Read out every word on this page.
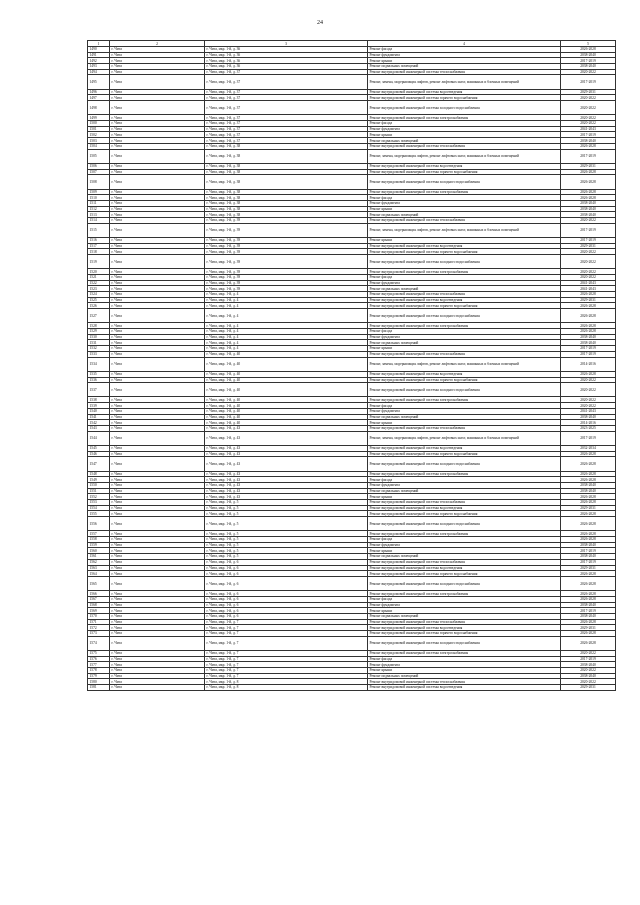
24
1	2	3	4	5
1490	г. Чита	г. Чита, мкр. 1-й, д. 36	Ремонт фасада	2026-2028
1491	г. Чита	г. Чита, мкр. 1-й, д. 36	Ремонт фундамента	2038-2040
1492	г. Чита	г. Чита, мкр. 1-й, д. 36	Ремонт крыши	2017-2019
1493	г. Чита	г. Чита, мкр. 1-й, д. 36	Ремонт подвальных помещений	2038-2040
1494	г. Чита	г. Чита, мкр. 1-й, д. 37	Ремонт внутридомовой инженерной системы теплоснабжения	2020-2022
1495	г. Чита	г. Чита, мкр. 1-й, д. 37	Ремонт, замена, модернизация лифтов, ремонт лифтовых шахт, машинных и блочных помещений	2017-2019
1496	г. Чита	г. Чита, мкр. 1-й, д. 37	Ремонт внутридомовой инженерной системы водоотведения	2029-2031
1497	г. Чита	г. Чита, мкр. 1-й, д. 37	Ремонт внутридомовой инженерной системы горячего водоснабжения	2020-2022
1498	г. Чита	г. Чита, мкр. 1-й, д. 37	Ремонт внутридомовой инженерной системы холодного водоснабжения	2020-2022
1499	г. Чита	г. Чита, мкр. 1-й, д. 37	Ремонт внутридомовой инженерной системы электроснабжения	2020-2022
1500	г. Чита	г. Чита, мкр. 1-й, д. 37	Ремонт фасада	2020-2022
1501	г. Чита	г. Чита, мкр. 1-й, д. 37	Ремонт фундамента	2041-2043
1502	г. Чита	г. Чита, мкр. 1-й, д. 37	Ремонт крыши	2017-2019
1503	г. Чита	г. Чита, мкр. 1-й, д. 37	Ремонт подвальных помещений	2038-2040
1504	г. Чита	г. Чита, мкр. 1-й, д. 38	Ремонт внутридомовой инженерной системы теплоснабжения	2026-2028
1505	г. Чита	г. Чита, мкр. 1-й, д. 38	Ремонт, замена, модернизация лифтов, ремонт лифтовых шахт, машинных и блочных помещений	2017-2019
1506	г. Чита	г. Чита, мкр. 1-й, д. 38	Ремонт внутридомовой инженерной системы водоотведения	2029-2031
1507	г. Чита	г. Чита, мкр. 1-й, д. 38	Ремонт внутридомовой инженерной системы горячего водоснабжения	2026-2028
1508	г. Чита	г. Чита, мкр. 1-й, д. 38	Ремонт внутридомовой инженерной системы холодного водоснабжения	2026-2028
1509	г. Чита	г. Чита, мкр. 1-й, д. 38	Ремонт внутридомовой инженерной системы электроснабжения	2026-2028
1510	г. Чита	г. Чита, мкр. 1-й, д. 38	Ремонт фасада	2026-2028
1511	г. Чита	г. Чита, мкр. 1-й, д. 38	Ремонт фундамента	2038-2040
1512	г. Чита	г. Чита, мкр. 1-й, д. 38	Ремонт крыши	2038-2040
1513	г. Чита	г. Чита, мкр. 1-й, д. 38	Ремонт подвальных помещений	2038-2040
1514	г. Чита	г. Чита, мкр. 1-й, д. 39	Ремонт внутридомовой инженерной системы теплоснабжения	2020-2022
1515	г. Чита	г. Чита, мкр. 1-й, д. 39	Ремонт, замена, модернизация лифтов, ремонт лифтовых шахт, машинных и блочных помещений	2017-2019
1516	г. Чита	г. Чита, мкр. 1-й, д. 39	Ремонт крыши	2017-2019
1517	г. Чита	г. Чита, мкр. 1-й, д. 39	Ремонт внутридомовой инженерной системы водоотведения	2029-2031
1518	г. Чита	г. Чита, мкр. 1-й, д. 39	Ремонт внутридомовой инженерной системы горячего водоснабжения	2020-2022
1519	г. Чита	г. Чита, мкр. 1-й, д. 39	Ремонт внутридомовой инженерной системы холодного водоснабжения	2020-2022
1520	г. Чита	г. Чита, мкр. 1-й, д. 39	Ремонт внутридомовой инженерной системы электроснабжения	2020-2022
1521	г. Чита	г. Чита, мкр. 1-й, д. 39	Ремонт фасада	2020-2022
1522	г. Чита	г. Чита, мкр. 1-й, д. 39	Ремонт фундамента	2041-2043
1523	г. Чита	г. Чита, мкр. 1-й, д. 39	Ремонт подвальных помещений	2041-2043
1524	г. Чита	г. Чита, мкр. 1-й, д. 4	Ремонт внутридомовой инженерной системы теплоснабжения	2026-2028
1525	г. Чита	г. Чита, мкр. 1-й, д. 4	Ремонт внутридомовой инженерной системы водоотведения	2029-2031
1526	г. Чита	г. Чита, мкр. 1-й, д. 4	Ремонт внутридомовой инженерной системы горячего водоснабжения	2026-2028
1527	г. Чита	г. Чита, мкр. 1-й, д. 4	Ремонт внутридомовой инженерной системы холодного водоснабжения	2026-2028
1528	г. Чита	г. Чита, мкр. 1-й, д. 4	Ремонт внутридомовой инженерной системы электроснабжения	2026-2028
1529	г. Чита	г. Чита, мкр. 1-й, д. 4	Ремонт фасада	2026-2028
1530	г. Чита	г. Чита, мкр. 1-й, д. 4	Ремонт фундамента	2038-2040
1531	г. Чита	г. Чита, мкр. 1-й, д. 4	Ремонт подвальных помещений	2038-2040
1532	г. Чита	г. Чита, мкр. 1-й, д. 4	Ремонт крыши	2017-2019
1533	г. Чита	г. Чита, мкр. 1-й, д. 40	Ремонт внутридомовой инженерной системы теплоснабжения	2017-2019
1534	г. Чита	г. Чита, мкр. 1-й, д. 40	Ремонт, замена, модернизация лифтов, ремонт лифтовых шахт, машинных и блочных помещений	2014-2016
1535	г. Чита	г. Чита, мкр. 1-й, д. 40	Ремонт внутридомовой инженерной системы водоотведения	2026-2028
1536	г. Чита	г. Чита, мкр. 1-й, д. 40	Ремонт внутридомовой инженерной системы горячего водоснабжения	2020-2022
1537	г. Чита	г. Чита, мкр. 1-й, д. 40	Ремонт внутридомовой инженерной системы холодного водоснабжения	2020-2022
1538	г. Чита	г. Чита, мкр. 1-й, д. 40	Ремонт внутридомовой инженерной системы электроснабжения	2020-2022
1539	г. Чита	г. Чита, мкр. 1-й, д. 40	Ремонт фасада	2020-2022
1540	г. Чита	г. Чита, мкр. 1-й, д. 40	Ремонт фундамента	2041-2043
1541	г. Чита	г. Чита, мкр. 1-й, д. 40	Ремонт подвальных помещений	2038-2040
1542	г. Чита	г. Чита, мкр. 1-й, д. 40	Ремонт крыши	2014-2016
1543	г. Чита	г. Чита, мкр. 1-й, д. 43	Ремонт внутридомовой инженерной системы теплоснабжения	2023-2025
1544	г. Чита	г. Чита, мкр. 1-й, д. 43	Ремонт, замена, модернизация лифтов, ремонт лифтовых шахт, машинных и блочных помещений	2017-2019
1545	г. Чита	г. Чита, мкр. 1-й, д. 43	Ремонт внутридомовой инженерной системы водоотведения	2032-2034
1546	г. Чита	г. Чита, мкр. 1-й, д. 43	Ремонт внутридомовой инженерной системы горячего водоснабжения	2026-2028
1547	г. Чита	г. Чита, мкр. 1-й, д. 43	Ремонт внутридомовой инженерной системы холодного водоснабжения	2026-2028
1548	г. Чита	г. Чита, мкр. 1-й, д. 43	Ремонт внутридомовой инженерной системы электроснабжения	2026-2028
1549	г. Чита	г. Чита, мкр. 1-й, д. 43	Ремонт фасада	2026-2028
1550	г. Чита	г. Чита, мкр. 1-й, д. 43	Ремонт фундамента	2038-2040
1551	г. Чита	г. Чита, мкр. 1-й, д. 43	Ремонт подвальных помещений	2038-2040
1552	г. Чита	г. Чита, мкр. 1-й, д. 43	Ремонт крыши	2026-2028
1553	г. Чита	г. Чита, мкр. 1-й, д. 5	Ремонт внутридомовой инженерной системы теплоснабжения	2026-2028
1554	г. Чита	г. Чита, мкр. 1-й, д. 5	Ремонт внутридомовой инженерной системы водоотведения	2029-2031
1555	г. Чита	г. Чита, мкр. 1-й, д. 5	Ремонт внутридомовой инженерной системы горячего водоснабжения	2026-2028
1556	г. Чита	г. Чита, мкр. 1-й, д. 5	Ремонт внутридомовой инженерной системы холодного водоснабжения	2026-2028
1557	г. Чита	г. Чита, мкр. 1-й, д. 5	Ремонт внутридомовой инженерной системы электроснабжения	2026-2028
1558	г. Чита	г. Чита, мкр. 1-й, д. 5	Ремонт фасада	2026-2028
1559	г. Чита	г. Чита, мкр. 1-й, д. 5	Ремонт фундамента	2038-2040
1560	г. Чита	г. Чита, мкр. 1-й, д. 5	Ремонт крыши	2017-2019
1561	г. Чита	г. Чита, мкр. 1-й, д. 5	Ремонт подвальных помещений	2038-2040
1562	г. Чита	г. Чита, мкр. 1-й, д. 6	Ремонт внутридомовой инженерной системы теплоснабжения	2017-2019
1563	г. Чита	г. Чита, мкр. 1-й, д. 6	Ремонт внутридомовой инженерной системы водоотведения	2029-2031
1564	г. Чита	г. Чита, мкр. 1-й, д. 6	Ремонт внутридомовой инженерной системы горячего водоснабжения	2026-2028
1565	г. Чита	г. Чита, мкр. 1-й, д. 6	Ремонт внутридомовой инженерной системы холодного водоснабжения	2026-2028
1566	г. Чита	г. Чита, мкр. 1-й, д. 6	Ремонт внутридомовой инженерной системы электроснабжения	2026-2028
1567	г. Чита	г. Чита, мкр. 1-й, д. 6	Ремонт фасада	2026-2028
1568	г. Чита	г. Чита, мкр. 1-й, д. 6	Ремонт фундамента	2038-2040
1569	г. Чита	г. Чита, мкр. 1-й, д. 6	Ремонт крыши	2017-2019
1570	г. Чита	г. Чита, мкр. 1-й, д. 6	Ремонт подвальных помещений	2038-2040
1571	г. Чита	г. Чита, мкр. 1-й, д. 7	Ремонт внутридомовой инженерной системы теплоснабжения	2026-2028
1572	г. Чита	г. Чита, мкр. 1-й, д. 7	Ремонт внутридомовой инженерной системы водоотведения	2029-2031
1573	г. Чита	г. Чита, мкр. 1-й, д. 7	Ремонт внутридомовой инженерной системы горячего водоснабжения	2026-2028
1574	г. Чита	г. Чита, мкр. 1-й, д. 7	Ремонт внутридомовой инженерной системы холодного водоснабжения	2026-2028
1575	г. Чита	г. Чита, мкр. 1-й, д. 7	Ремонт внутридомовой инженерной системы электроснабжения	2020-2022
1576	г. Чита	г. Чита, мкр. 1-й, д. 7	Ремонт фасада	2017-2019
1577	г. Чита	г. Чита, мкр. 1-й, д. 7	Ремонт фундамента	2038-2040
1578	г. Чита	г. Чита, мкр. 1-й, д. 7	Ремонт крыши	2020-2022
1579	г. Чита	г. Чита, мкр. 1-й, д. 7	Ремонт подвальных помещений	2038-2040
1580	г. Чита	г. Чита, мкр. 1-й, д. 8	Ремонт внутридомовой инженерной системы теплоснабжения	2020-2022
1581	г. Чита	г. Чита, мкр. 1-й, д. 8	Ремонт внутридомовой инженерной системы водоотведения	2029-2031
